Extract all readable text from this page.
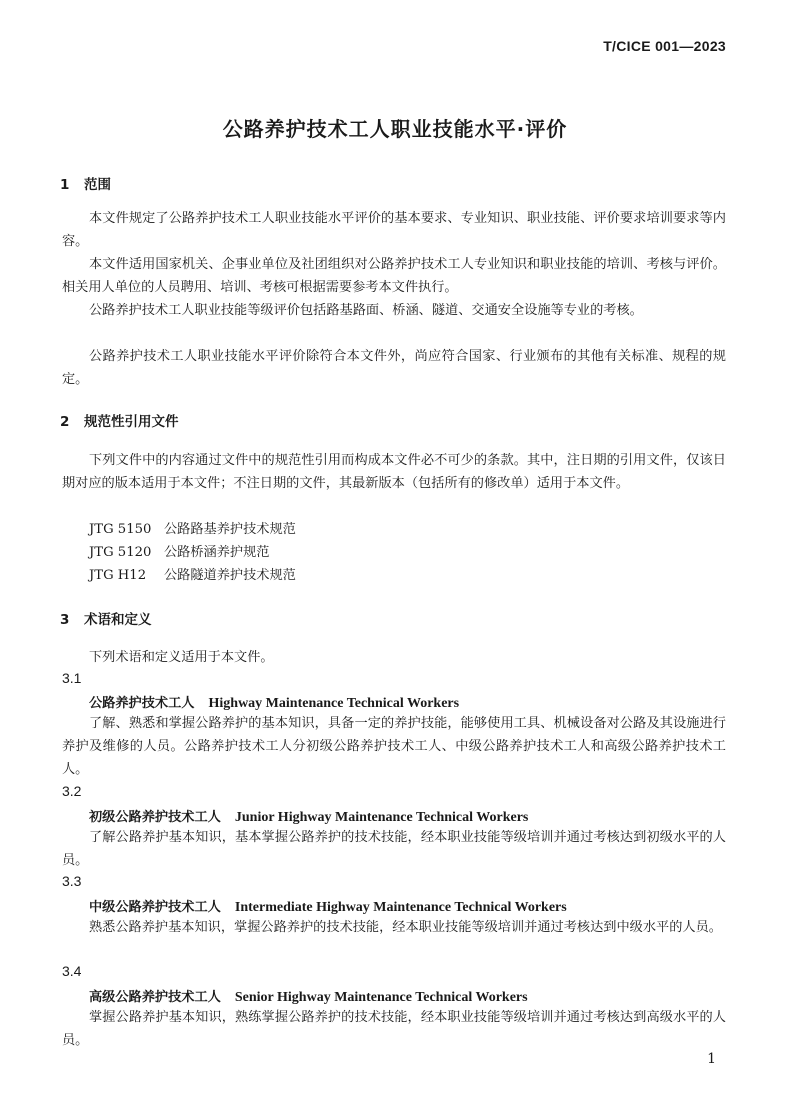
T/CICE 001—2023
公路养护技术工人职业技能水平·评价
1 范围

本文件规定了公路养护技术工人职业技能水平评价的基本要求、专业知识、职业技能、评价要求培训要求等内容。

本文件适用国家机关、企事业单位及社团组织对公路养护技术工人专业知识和职业技能的培训、考核与评价。相关用人单位的人员聘用、培训、考核可根据需要参考本文件执行。

公路养护技术工人职业技能等级评价包括路基路面、桥涵、隧道、交通安全设施等专业的考核。

公路养护技术工人职业技能水平评价除符合本文件外，尚应符合国家、行业颁布的其他有关标准、规程的规定。

2 规范性引用文件

下列文件中的内容通过文件中的规范性引用而构成本文件必不可少的条款。其中，注日期的引用文件，仅该日期对应的版本适用于本文件；不注日期的文件，其最新版本（包括所有的修改单）适用于本文件。

JTG 5150 公路路基养护技术规范
JTG 5120 公路桥涵养护规范
JTG H12 公路隧道养护技术规范
3 术语和定义

下列术语和定义适用于本文件。

3.1
公路养护技术工人 Highway Maintenance Technical Workers

了解、熟悉和掌握公路养护的基本知识，具备一定的养护技能，能够使用工具、机械设备对公路及其设施进行养护及维修的人员。公路养护技术工人分初级公路养护技术工人、中级公路养护技术工人和高级公路养护技术工人。

3.2
初级公路养护技术工人 Junior Highway Maintenance Technical Workers

了解公路养护基本知识，基本掌握公路养护的技术技能，经本职业技能等级培训并通过考核达到初级水平的人员。

3.3
中级公路养护技术工人 Intermediate Highway Maintenance Technical Workers

熟悉公路养护基本知识，掌握公路养护的技术技能，经本职业技能等级培训并通过考核达到中级水平的人员。

3.4
高级公路养护技术工人 Senior Highway Maintenance Technical Workers

掌握公路养护基本知识，熟练掌握公路养护的技术技能，经本职业技能等级培训并通过考核达到高级水平的人员。

1
